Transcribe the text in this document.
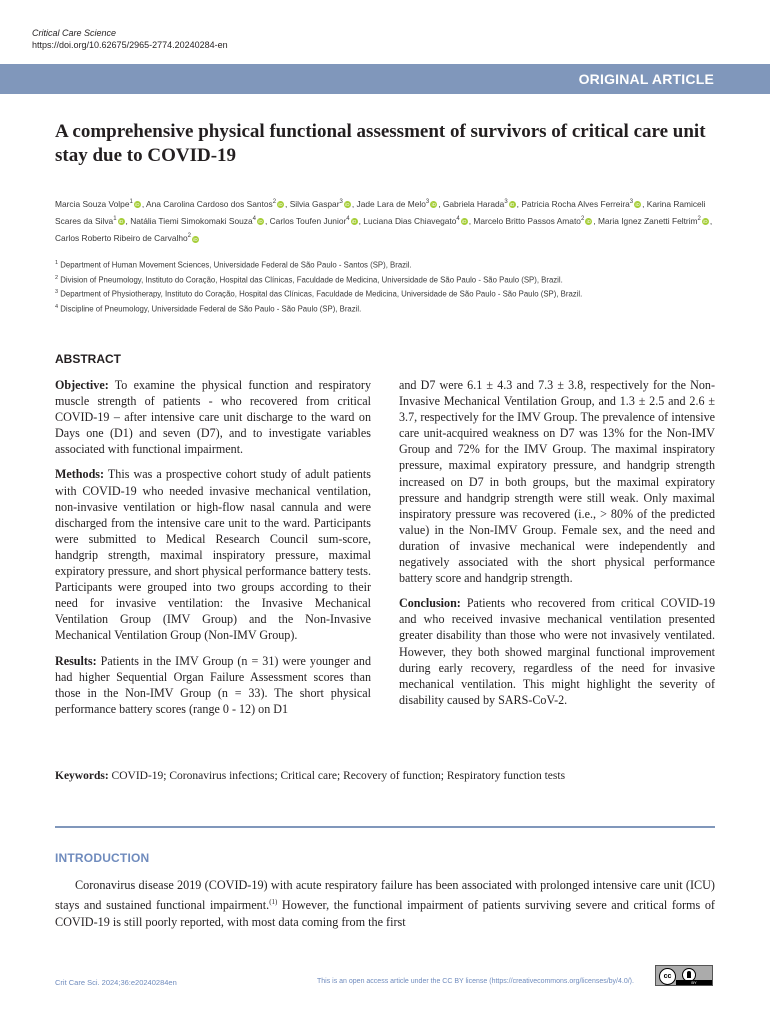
Critical Care Science
https://doi.org/10.62675/2965-2774.20240284-en
ORIGINAL ARTICLE
A comprehensive physical functional assessment of survivors of critical care unit stay due to COVID-19
Marcia Souza Volpe$^1$ iD , Ana Carolina Cardoso dos Santos$^2$ iD , Silvia Gaspar$^3$ iD , Jade Lara de Melo$^3$ iD , Gabriela Harada$^3$ iD , Patricia Rocha Alves Ferreira$^3$ iD , Karina Ramiceli Scares da Silva$^1$ iD , Natália Tiemi Simokomaki Souza$^4$ iD , Carlos Toufen Junior$^4$ iD , Luciana Dias Chiavegato$^4$ iD , Marcelo Britto Passos Amato$^2$ iD , Maria Ignez Zanetti Feltrim$^2$ iD , Carlos Roberto Ribeiro de Carvalho$^2$ iD
$^1$ Department of Human Movement Sciences, Universidade Federal de São Paulo - Santos (SP), Brazil.
$^2$ Division of Pneumology, Instituto do Coração, Hospital das Clínicas, Faculdade de Medicina, Universidade de São Paulo - São Paulo (SP), Brazil.
$^3$ Department of Physiotherapy, Instituto do Coração, Hospital das Clínicas, Faculdade de Medicina, Universidade de São Paulo - São Paulo (SP), Brazil.
$^4$ Discipline of Pneumology, Universidade Federal de São Paulo - São Paulo (SP), Brazil.
ABSTRACT

Objective: To examine the physical function and respiratory muscle strength of patients - who recovered from critical COVID-19 – after intensive care unit discharge to the ward on Days one (D1) and seven (D7), and to investigate variables associated with functional impairment.

Methods: This was a prospective cohort study of adult patients with COVID-19 who needed invasive mechanical ventilation, non-invasive ventilation or high-flow nasal cannula and were discharged from the intensive care unit to the ward. Participants were submitted to Medical Research Council sum-score, handgrip strength, maximal inspiratory pressure, maximal expiratory pressure, and short physical performance battery tests. Participants were grouped into two groups according to their need for invasive ventilation: the Invasive Mechanical Ventilation Group (IMV Group) and the Non-Invasive Mechanical Ventilation Group (Non-IMV Group).

Results: Patients in the IMV Group (n = 31) were younger and had higher Sequential Organ Failure Assessment scores than those in the Non-IMV Group (n = 33). The short physical performance battery scores (range 0 - 12) on D1

and D7 were 6.1 ± 4.3 and 7.3 ± 3.8, respectively for the Non-Invasive Mechanical Ventilation Group, and 1.3 ± 2.5 and 2.6 ± 3.7, respectively for the IMV Group. The prevalence of intensive care unit-acquired weakness on D7 was 13% for the Non-IMV Group and 72% for the IMV Group. The maximal inspiratory pressure, maximal expiratory pressure, and handgrip strength increased on D7 in both groups, but the maximal expiratory pressure and handgrip strength were still weak. Only maximal inspiratory pressure was recovered (i.e., > 80% of the predicted value) in the Non-IMV Group. Female sex, and the need and duration of invasive mechanical were independently and negatively associated with the short physical performance battery score and handgrip strength.

Conclusion: Patients who recovered from critical COVID-19 and who received invasive mechanical ventilation presented greater disability than those who were not invasively ventilated. However, they both showed marginal functional improvement during early recovery, regardless of the need for invasive mechanical ventilation. This might highlight the severity of disability caused by SARS-CoV-2.

Keywords: COVID-19; Coronavirus infections; Critical care; Recovery of function; Respiratory function tests
INTRODUCTION

Coronavirus disease 2019 (COVID-19) with acute respiratory failure has been associated with prolonged intensive care unit (ICU) stays and sustained functional impairment.$^{(1)}$ However, the functional impairment of patients surviving severe and critical forms of COVID-19 is still poorly reported, with most data coming from the first

Crit Care Sci. 2024;36:e20240284en	This is an open access article under the CC BY license (https://creativecommons.org/licenses/by/4.0/).
cc
BY
